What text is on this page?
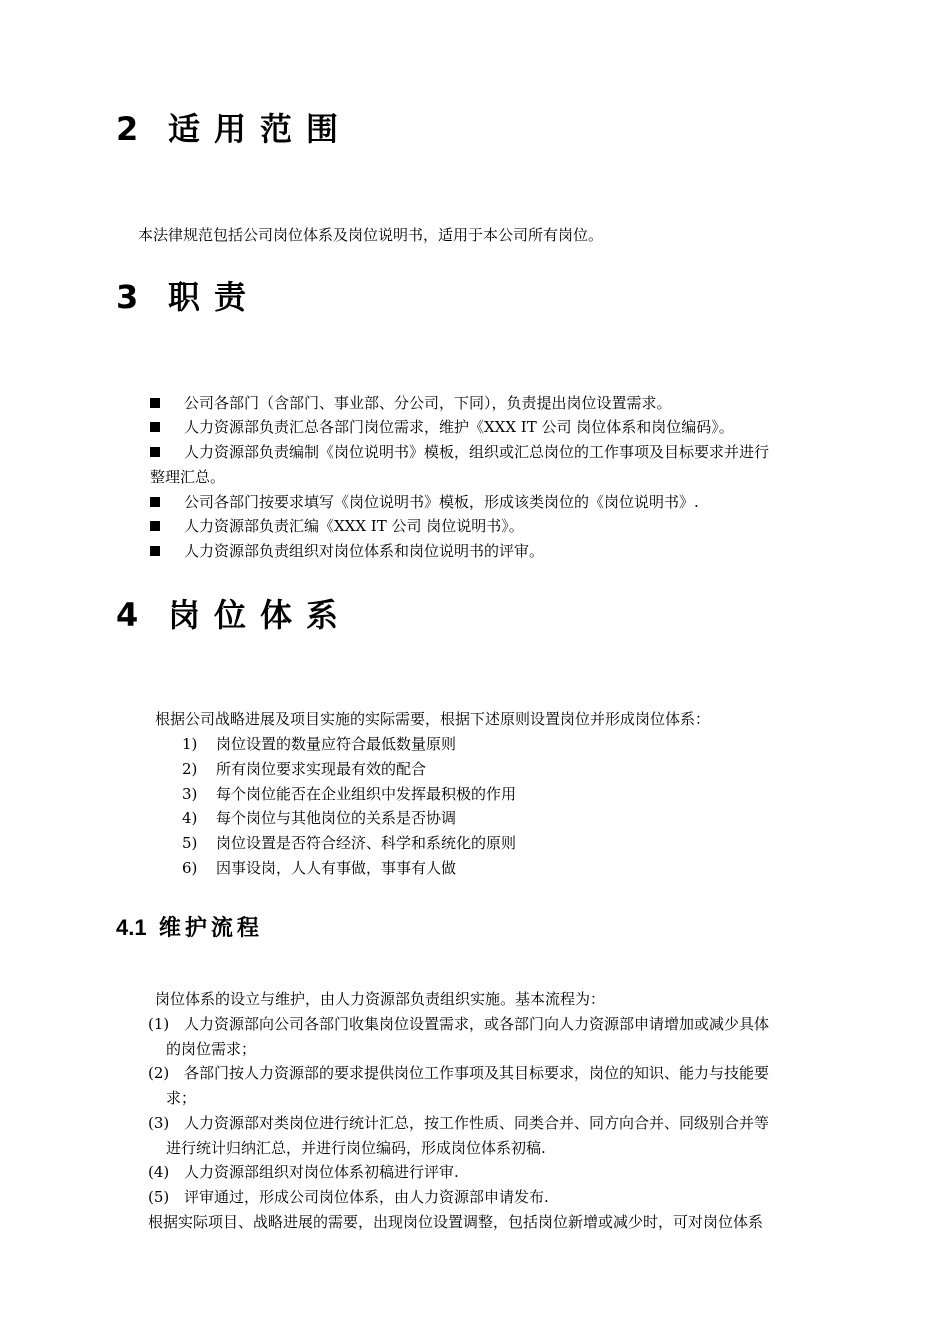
2 适用范围
本法律规范包括公司岗位体系及岗位说明书，适用于本公司所有岗位。
3 职责
公司各部门（含部门、事业部、分公司，下同），负责提出岗位设置需求。
人力资源部负责汇总各部门岗位需求，维护《XXX IT 公司 岗位体系和岗位编码》。
人力资源部负责编制《岗位说明书》模板，组织或汇总岗位的工作事项及目标要求并进行
整理汇总。
公司各部门按要求填写《岗位说明书》模板，形成该类岗位的《岗位说明书》.
人力资源部负责汇编《XXX IT 公司 岗位说明书》。
人力资源部负责组织对岗位体系和岗位说明书的评审。
4 岗位体系
根据公司战略进展及项目实施的实际需要，根据下述原则设置岗位并形成岗位体系：
1) 岗位设置的数量应符合最低数量原则
2) 所有岗位要求实现最有效的配合
3) 每个岗位能否在企业组织中发挥最积极的作用
4) 每个岗位与其他岗位的关系是否协调
5) 岗位设置是否符合经济、科学和系统化的原则
6) 因事设岗，人人有事做，事事有人做
4.1 维护流程
岗位体系的设立与维护，由人力资源部负责组织实施。基本流程为：
(1) 人力资源部向公司各部门收集岗位设置需求，或各部门向人力资源部申请增加或减少具体
的岗位需求；
(2) 各部门按人力资源部的要求提供岗位工作事项及其目标要求，岗位的知识、能力与技能要
求；
(3) 人力资源部对类岗位进行统计汇总，按工作性质、同类合并、同方向合并、同级别合并等
进行统计归纳汇总，并进行岗位编码，形成岗位体系初稿.
(4) 人力资源部组织对岗位体系初稿进行评审.
(5) 评审通过，形成公司岗位体系，由人力资源部申请发布.
根据实际项目、战略进展的需要，出现岗位设置调整，包括岗位新增或减少时，可对岗位体系
